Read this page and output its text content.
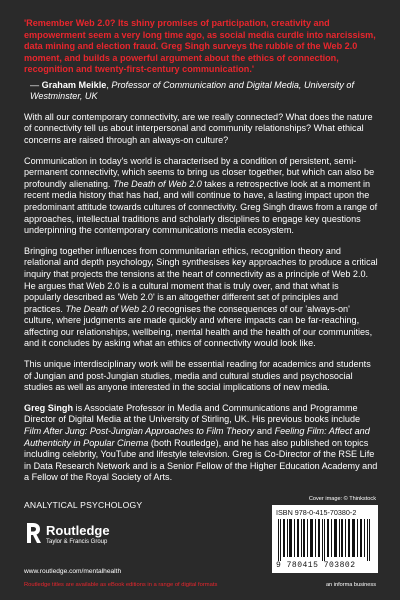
'Remember Web 2.0? Its shiny promises of participation, creativity and empowerment seem a very long time ago, as social media curdle into narcissism, data mining and election fraud. Greg Singh surveys the rubble of the Web 2.0 moment, and builds a powerful argument about the ethics of connection, recognition and twenty-first-century communication.'

— Graham Meikle, Professor of Communication and Digital Media, University of Westminster, UK

With all our contemporary connectivity, are we really connected? What does the nature of connectivity tell us about interpersonal and community relationships? What ethical concerns are raised through an always-on culture?

Communication in today's world is characterised by a condition of persistent, semi-permanent connectivity, which seems to bring us closer together, but which can also be profoundly alienating. The Death of Web 2.0 takes a retrospective look at a moment in recent media history that has had, and will continue to have, a lasting impact upon the predominant attitude towards cultures of connectivity. Greg Singh draws from a range of approaches, intellectual traditions and scholarly disciplines to engage key questions underpinning the contemporary communications media ecosystem.

Bringing together influences from communitarian ethics, recognition theory and relational and depth psychology, Singh synthesises key approaches to produce a critical inquiry that projects the tensions at the heart of connectivity as a principle of Web 2.0. He argues that Web 2.0 is a cultural moment that is truly over, and that what is popularly described as 'Web 2.0' is an altogether different set of principles and practices. The Death of Web 2.0 recognises the consequences of our 'always-on' culture, where judgments are made quickly and where impacts can be far-reaching, affecting our relationships, wellbeing, mental health and the health of our communities, and it concludes by asking what an ethics of connectivity would look like.

This unique interdisciplinary work will be essential reading for academics and students of Jungian and post-Jungian studies, media and cultural studies and psychosocial studies as well as anyone interested in the social implications of new media.

Greg Singh is Associate Professor in Media and Communications and Programme Director of Digital Media at the University of Stirling, UK. His previous books include Film After Jung: Post-Jungian Approaches to Film Theory and Feeling Film: Affect and Authenticity in Popular Cinema (both Routledge), and he has also published on topics including celebrity, YouTube and lifestyle television. Greg is Co-Director of the RSE Life in Data Research Network and is a Senior Fellow of the Higher Education Academy and a Fellow of the Royal Society of Arts.

Cover image: © Thinkstock
ANALYTICAL PSYCHOLOGY
Routledge
Taylor & Francis Group
www.routledge.com/mentalhealth
Routledge titles are available as eBook editions in a range of digital formats
ISBN 978-0-415-70380-2
9 780415 703802
an informa business
